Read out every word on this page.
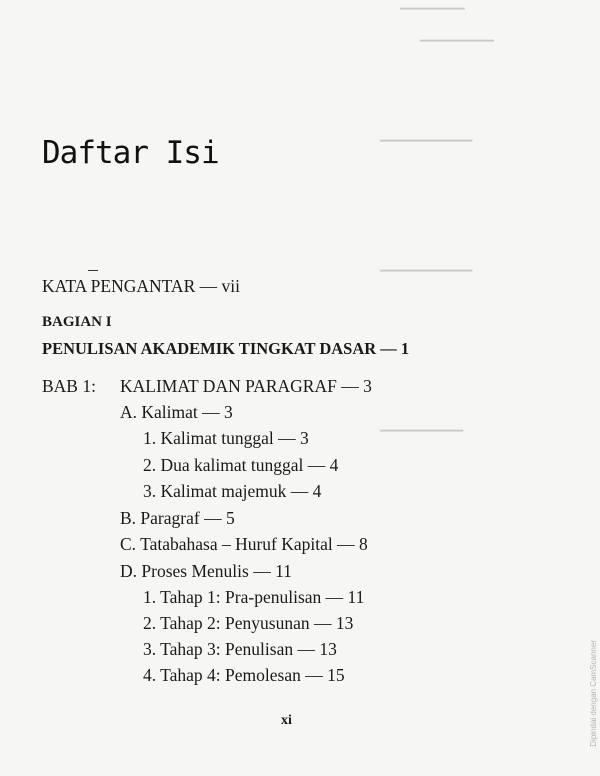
▔▔▔▔▔▔▔
▔▔▔▔▔▔▔▔
▔▔▔▔▔▔▔▔▔▔
▔▔▔▔▔▔▔▔▔▔
▔▔▔▔▔▔▔▔▔
Daftar Isi
KATA PENGANTAR — vii
BAGIAN I
PENULISAN AKADEMIK TINGKAT DASAR — 1
BAB 1: KALIMAT DAN PARAGRAF — 3
A. Kalimat — 3
1. Kalimat tunggal — 3
2. Dua kalimat tunggal — 4
3. Kalimat majemuk — 4
B. Paragraf — 5
C. Tatabahasa – Huruf Kapital — 8
D. Proses Menulis — 11
1. Tahap 1: Pra-penulisan — 11
2. Tahap 2: Penyusunan — 13
3. Tahap 3: Penulisan — 13
4. Tahap 4: Pemolesan — 15
xi	Dipindai dengan CamScanner
